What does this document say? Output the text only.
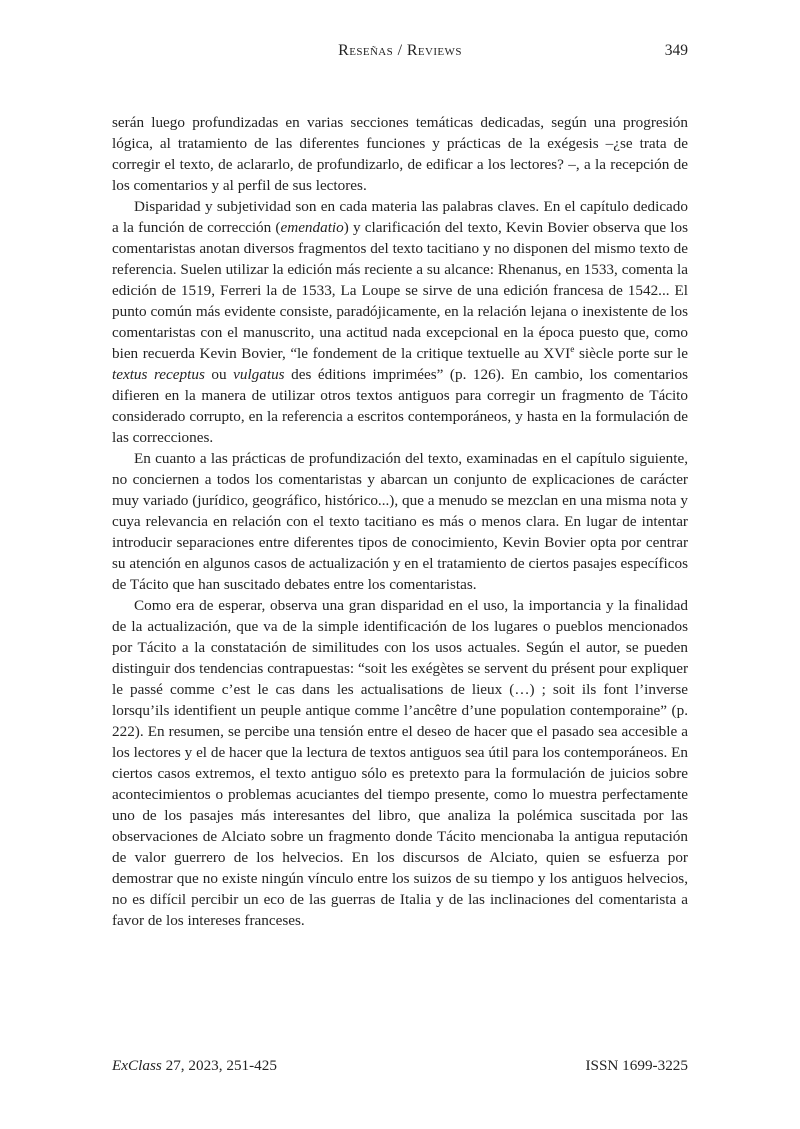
Reseñas / Reviews	349

serán luego profundizadas en varias secciones temáticas dedicadas, según una progresión lógica, al tratamiento de las diferentes funciones y prácticas de la exégesis –¿se trata de corregir el texto, de aclararlo, de profundizarlo, de edificar a los lectores? –, a la recepción de los comentarios y al perfil de sus lectores.

Disparidad y subjetividad son en cada materia las palabras claves. En el capítulo dedicado a la función de corrección (emendatio) y clarificación del texto, Kevin Bovier observa que los comentaristas anotan diversos fragmentos del texto tacitiano y no disponen del mismo texto de referencia. Suelen utilizar la edición más reciente a su alcance: Rhenanus, en 1533, comenta la edición de 1519, Ferreri la de 1533, La Loupe se sirve de una edición francesa de 1542... El punto común más evidente consiste, paradójicamente, en la relación lejana o inexistente de los comentaristas con el manuscrito, una actitud nada excepcional en la época puesto que, como bien recuerda Kevin Bovier, “le fondement de la critique textuelle au XVIe siècle porte sur le textus receptus ou vulgatus des éditions imprimées” (p. 126). En cambio, los comentarios difieren en la manera de utilizar otros textos antiguos para corregir un fragmento de Tácito considerado corrupto, en la referencia a escritos contemporáneos, y hasta en la formulación de las correcciones.

En cuanto a las prácticas de profundización del texto, examinadas en el capítulo siguiente, no conciernen a todos los comentaristas y abarcan un conjunto de explicaciones de carácter muy variado (jurídico, geográfico, histórico...), que a menudo se mezclan en una misma nota y cuya relevancia en relación con el texto tacitiano es más o menos clara. En lugar de intentar introducir separaciones entre diferentes tipos de conocimiento, Kevin Bovier opta por centrar su atención en algunos casos de actualización y en el tratamiento de ciertos pasajes específicos de Tácito que han suscitado debates entre los comentaristas.

Como era de esperar, observa una gran disparidad en el uso, la importancia y la finalidad de la actualización, que va de la simple identificación de los lugares o pueblos mencionados por Tácito a la constatación de similitudes con los usos actuales. Según el autor, se pueden distinguir dos tendencias contrapuestas: “soit les exégètes se servent du présent pour expliquer le passé comme c’est le cas dans les actualisations de lieux (…) ; soit ils font l’inverse lorsqu’ils identifient un peuple antique comme l’ancêtre d’une population contemporaine” (p. 222). En resumen, se percibe una tensión entre el deseo de hacer que el pasado sea accesible a los lectores y el de hacer que la lectura de textos antiguos sea útil para los contemporáneos. En ciertos casos extremos, el texto antiguo sólo es pretexto para la formulación de juicios sobre acontecimientos o problemas acuciantes del tiempo presente, como lo muestra perfectamente uno de los pasajes más interesantes del libro, que analiza la polémica suscitada por las observaciones de Alciato sobre un fragmento donde Tácito mencionaba la antigua reputación de valor guerrero de los helvecios. En los discursos de Alciato, quien se esfuerza por demostrar que no existe ningún vínculo entre los suizos de su tiempo y los antiguos helvecios, no es difícil percibir un eco de las guerras de Italia y de las inclinaciones del comentarista a favor de los intereses franceses.

ExClass 27, 2023, 251-425	ISSN 1699-3225
